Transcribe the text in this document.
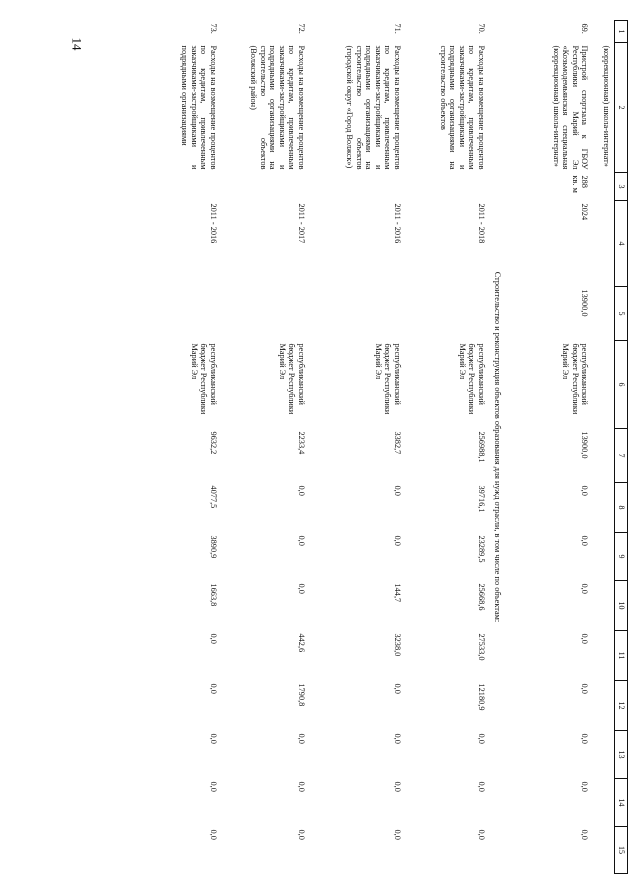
14
1	2	3	4	5	6	7	8	9	10	11	12	13	14	15
	(коррекционная) школа-интернат»													
69.	Пристрой спортзала к ГБОУ Республики Марий Эл «Козьмодемьянская специальная (коррекционная) школа-интернат»	288 кв. м	2024	13900,0	республиканский бюджет Республики Марий Эл	13900,0	0,0	0,0	0,0	0,0	0,0	0,0	0,0	0,0
Строительство и реконструкция объектов образования для нужд отрасли, в том числе по объектам:														
70.	Расходы на возмещение процентов по кредитам, привлеченным заказчиками-застройщиками и подрядными организациями на строительство объектов		2011 - 2018		республиканский бюджет Республики Марий Эл	256988,1	39716,1	23289,5	25668,6	27533,0	12180,9	0,0	0,0	0,0
71.	Расходы на возмещение процентов по кредитам, привлеченным заказчиками-застройщиками и подрядными организациями на строительство объектов (городской округ «Город Волжск»)		2011 - 2016		республиканский бюджет Республики Марий Эл	3382,7	0,0	0,0	144,7	3238,0	0,0	0,0	0,0	0,0
72.	Расходы на возмещение процентов по кредитам, привлеченным заказчиками-застройщиками и подрядными организациями на строительство объектов (Волжский район)		2011 - 2017		республиканский бюджет Республики Марий Эл	2233,4	0,0	0,0	0,0	442,6	1790,8	0,0	0,0	0,0
73.	Расходы на возмещение процентов по кредитам, привлеченным заказчиками-застройщиками и подрядными организациями		2011 - 2016		республиканский бюджет Республики Марий Эл	9632,2	4077,5	3890,9	1663,8	0,0	0,0	0,0	0,0	0,0
